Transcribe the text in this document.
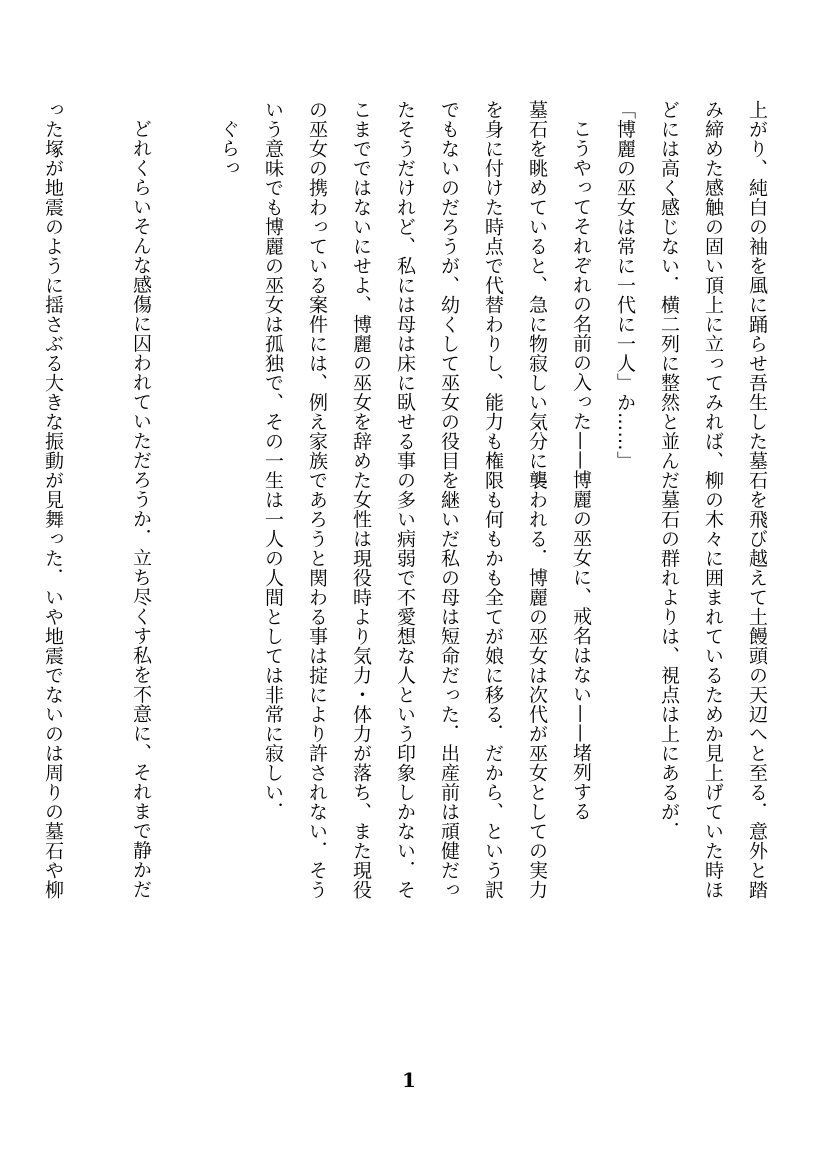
上がり、純白の袖を風に踊らせ吾生した墓石を飛び越えて土饅頭の天辺へと至る．意外と踏
み締めた感触の固い頂上に立ってみれば、柳の木々に囲まれているためか見上げていた時ほ
どには高く感じない．横二列に整然と並んだ墓石の群れよりは、視点は上にあるが．
「博麗の巫女は常に一代に一人」か……」
こうやってそれぞれの名前の入った——博麗の巫女に、戒名はない——堵列する
墓石を眺めていると、急に物寂しい気分に襲われる．博麗の巫女は次代が巫女としての実力
を身に付けた時点で代替わりし、能力も権限も何もかも全てが娘に移る．だから、という訳
でもないのだろうが、幼くして巫女の役目を継いだ私の母は短命だった．出産前は頑健だっ
たそうだけれど、私には母は床に臥せる事の多い病弱で不愛想な人という印象しかない．そ
こまでではないにせよ、博麗の巫女を辞めた女性は現役時より気力・体力が落ち、また現役
の巫女の携わっている案件には、例え家族であろうと関わる事は掟により許されない．そう
いう意味でも博麗の巫女は孤独で、その一生は一人の人間としては非常に寂しい．
ぐらっ
どれくらいそんな感傷に囚われていただろうか．立ち尽くす私を不意に、それまで静かだ
った塚が地震のように揺さぶる大きな振動が見舞った．いや地震でないのは周りの墓石や柳
1
